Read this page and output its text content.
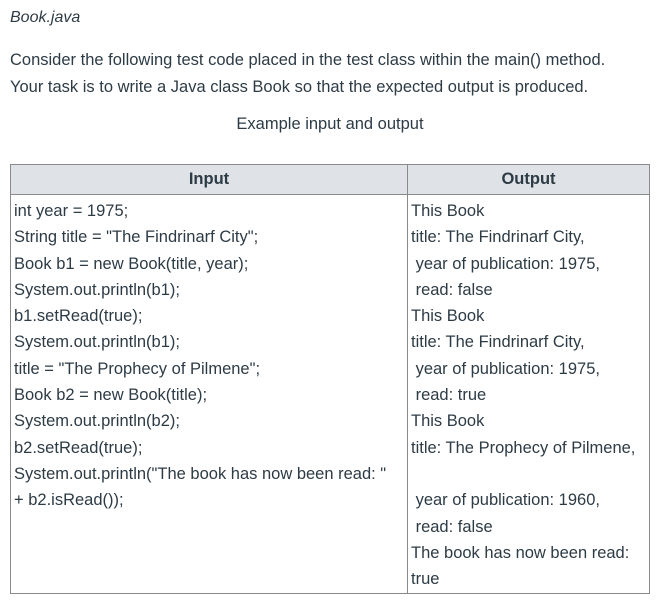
Book.java
Consider the following test code placed in the test class within the main() method.
Your task is to write a Java class Book so that the expected output is produced.
Example input and output
Input	Output
int year = 1975;
String title = "The Findrinarf City";
Book b1 = new Book(title, year);
System.out.println(b1);
b1.setRead(true);
System.out.println(b1);
title = "The Prophecy of Pilmene";
Book b2 = new Book(title);
System.out.println(b2);
b2.setRead(true);
System.out.println("The book has now been read: "
+ b2.isRead());
This Book
title: The Findrinarf City,
year of publication: 1975,
read: false
This Book
title: The Findrinarf City,
year of publication: 1975,
read: true
This Book
title: The Prophecy of Pilmene,
year of publication: 1960,
read: false
The book has now been read:
true
